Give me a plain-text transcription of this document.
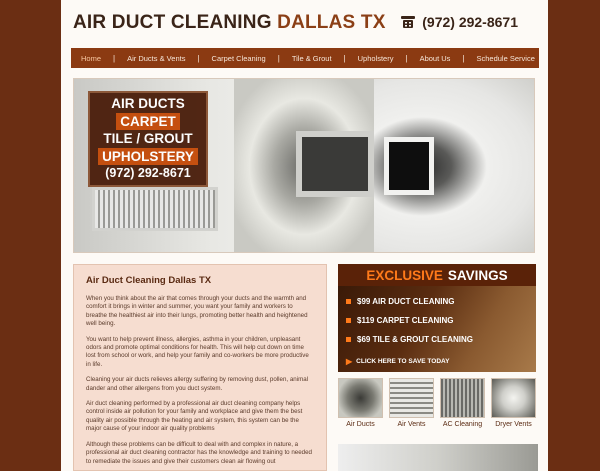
AIR DUCT CLEANING DALLAS TX	(972) 292-8671
Home | Air Ducts & Vents | Carpet Cleaning | Tile & Grout | Upholstery | About Us | Schedule Service
AIR DUCTS
CARPET
TILE / GROUT
UPHOLSTERY
(972) 292-8671
Air Duct Cleaning Dallas TX

When you think about the air that comes through your ducts and the warmth and comfort it brings in winter and summer, you want your family and workers to breathe the healthiest air into their lungs, promoting better health and heightened well being.

You want to help prevent illness, allergies, asthma in your children, unpleasant odors and promote optimal conditions for health. This will help cut down on time lost from school or work, and help your family and co-workers be more productive in life.

Cleaning your air ducts relieves allergy suffering by removing dust, pollen, animal dander and other allergens from you duct system.

Air duct cleaning performed by a professional air duct cleaning company helps control inside air pollution for your family and workplace and give them the best quality air possible through the heating and air system, this system can be the major cause of your indoor air quality problems

Although these problems can be difficult to deal with and complex in nature, a professional air duct cleaning contractor has the knowledge and training to needed to remediate the issues and give their customers clean air flowing out

EXCLUSIVE SAVINGS
$99 AIR DUCT CLEANING
$119 CARPET CLEANING
$69 TILE & GROUT CLEANING
▶ CLICK HERE TO SAVE TODAY
Air Ducts	Air Vents AC Cleaning Dryer Vents
